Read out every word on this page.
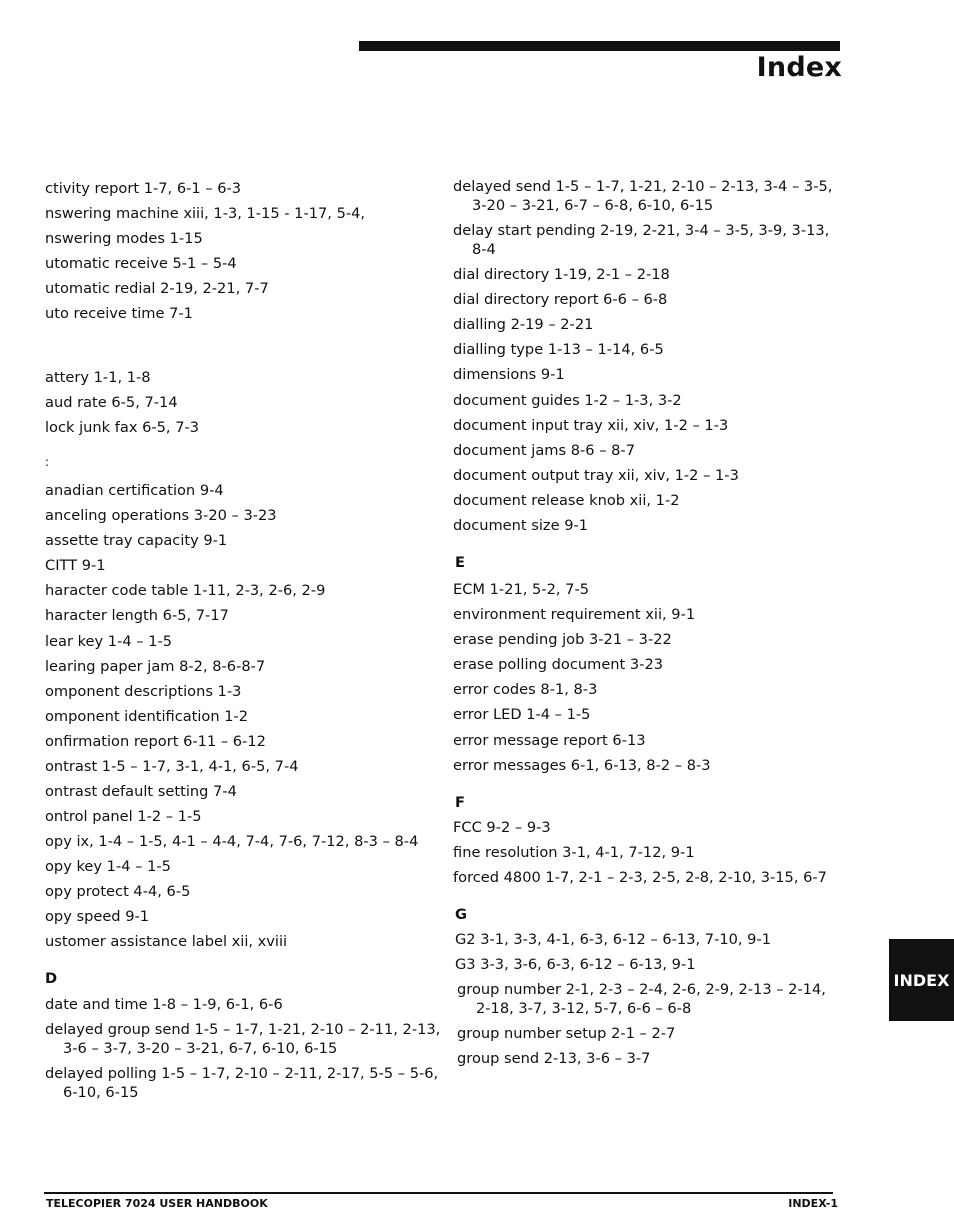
Index
ctivity report 1-7, 6-1 – 6-3
nswering machine xiii, 1-3, 1-15 - 1-17, 5-4,
nswering modes 1-15
utomatic receive 5-1 – 5-4
utomatic redial 2-19, 2-21, 7-7
uto receive time 7-1
attery 1-1, 1-8
aud rate 6-5, 7-14
lock junk fax 6-5, 7-3
:
anadian certification 9-4
anceling operations 3-20 – 3-23
assette tray capacity 9-1
CITT 9-1
haracter code table 1-11, 2-3, 2-6, 2-9
haracter length 6-5, 7-17
lear key 1-4 – 1-5
learing paper jam 8-2, 8-6-8-7
omponent descriptions 1-3
omponent identification 1-2
onfirmation report 6-11 – 6-12
ontrast 1-5 – 1-7, 3-1, 4-1, 6-5, 7-4
ontrast default setting 7-4
ontrol panel 1-2 – 1-5
opy ix, 1-4 – 1-5, 4-1 – 4-4, 7-4, 7-6, 7-12, 8-3 – 8-4
opy key 1-4 – 1-5
opy protect 4-4, 6-5
opy speed 9-1
ustomer assistance label xii, xviii
D
date and time 1-8 – 1-9, 6-1, 6-6
delayed group send 1-5 – 1-7, 1-21, 2-10 – 2-11, 2-13,
3-6 – 3-7, 3-20 – 3-21, 6-7, 6-10, 6-15
delayed polling 1-5 – 1-7, 2-10 – 2-11, 2-17, 5-5 – 5-6,
6-10, 6-15
delayed send 1-5 – 1-7, 1-21, 2-10 – 2-13, 3-4 – 3-5,
3-20 – 3-21, 6-7 – 6-8, 6-10, 6-15
delay start pending 2-19, 2-21, 3-4 – 3-5, 3-9, 3-13,
8-4
dial directory 1-19, 2-1 – 2-18
dial directory report 6-6 – 6-8
dialling 2-19 – 2-21
dialling type 1-13 – 1-14, 6-5
dimensions 9-1
document guides 1-2 – 1-3, 3-2
document input tray xii, xiv, 1-2 – 1-3
document jams 8-6 – 8-7
document output tray xii, xiv, 1-2 – 1-3
document release knob xii, 1-2
document size 9-1
E
ECM 1-21, 5-2, 7-5
environment requirement xii, 9-1
erase pending job 3-21 – 3-22
erase polling document 3-23
error codes 8-1, 8-3
error LED 1-4 – 1-5
error message report 6-13
error messages 6-1, 6-13, 8-2 – 8-3
F
FCC 9-2 – 9-3
fine resolution 3-1, 4-1, 7-12, 9-1
forced 4800 1-7, 2-1 – 2-3, 2-5, 2-8, 2-10, 3-15, 6-7
G
G2 3-1, 3-3, 4-1, 6-3, 6-12 – 6-13, 7-10, 9-1
G3 3-3, 3-6, 6-3, 6-12 – 6-13, 9-1
group number 2-1, 2-3 – 2-4, 2-6, 2-9, 2-13 – 2-14,
2-18, 3-7, 3-12, 5-7, 6-6 – 6-8
group number setup 2-1 – 2-7
group send 2-13, 3-6 – 3-7
INDEX
TELECOPIER 7024 USER HANDBOOK	INDEX-1
